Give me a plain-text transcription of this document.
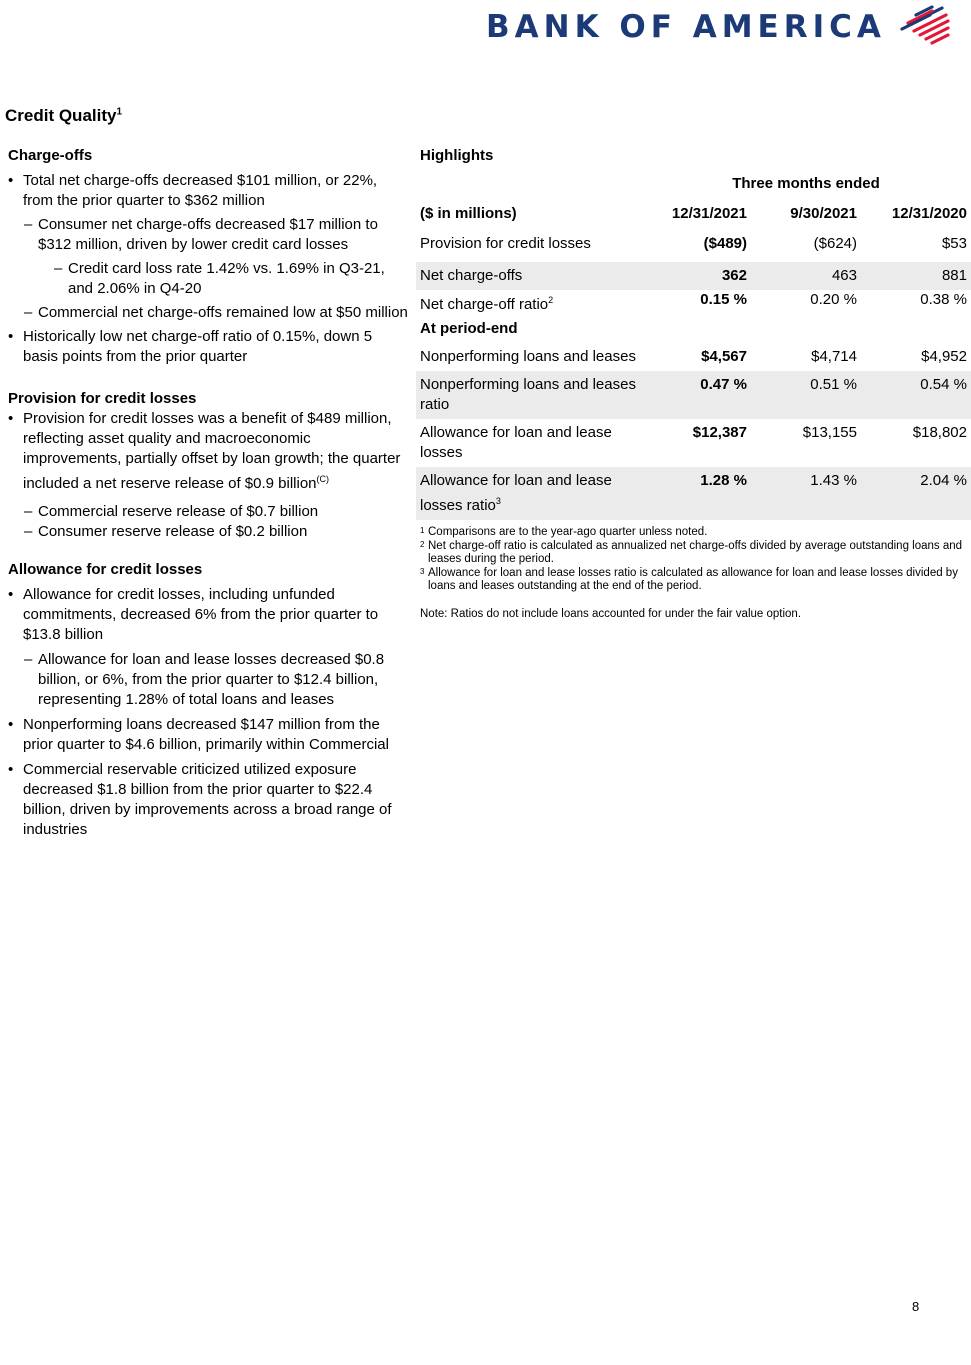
BANK OF AMERICA
Credit Quality$^1$
Charge-offs
• Total net charge-offs decreased $101 million, or 22%, from the prior quarter to $362 million
– Consumer net charge-offs decreased $17 million to $312 million, driven by lower credit card losses
– Credit card loss rate 1.42% vs. 1.69% in Q3-21, and 2.06% in Q4-20
– Commercial net charge-offs remained low at $50 million
• Historically low net charge-off ratio of 0.15%, down 5 basis points from the prior quarter
Provision for credit losses
• Provision for credit losses was a benefit of $489 million, reflecting asset quality and macroeconomic improvements, partially offset by loan growth; the quarter included a net reserve release of $0.9 billion$^{(C)}$
– Commercial reserve release of $0.7 billion
– Consumer reserve release of $0.2 billion
Allowance for credit losses
• Allowance for credit losses, including unfunded commitments, decreased 6% from the prior quarter to $13.8 billion
– Allowance for loan and lease losses decreased $0.8 billion, or 6%, from the prior quarter to $12.4 billion, representing 1.28% of total loans and leases
• Nonperforming loans decreased $147 million from the prior quarter to $4.6 billion, primarily within Commercial
• Commercial reservable criticized utilized exposure decreased $1.8 billion from the prior quarter to $22.4 billion, driven by improvements across a broad range of industries
Highlights
	Three months ended		
($ in millions)	12/31/2021	9/30/2021	12/31/2020
Provision for credit losses	($489)	($624)	$53
Net charge-offs	362	463	881
Net charge-off ratio$^2$	0.15 %	0.20 %	0.38 %
At period-end			
Nonperforming loans and leases	$4,567	$4,714	$4,952
Nonperforming loans and leases ratio	0.47 %	0.51 %	0.54 %
Allowance for loan and lease losses	$12,387	$13,155	$18,802
Allowance for loan and lease losses ratio$^3$	1.28 %	1.43 %	2.04 %
1 Comparisons are to the year-ago quarter unless noted.
2 Net charge-off ratio is calculated as annualized net charge-offs divided by average outstanding loans and leases during the period.
3 Allowance for loan and lease losses ratio is calculated as allowance for loan and lease losses divided by loans and leases outstanding at the end of the period.
Note: Ratios do not include loans accounted for under the fair value option.
8
